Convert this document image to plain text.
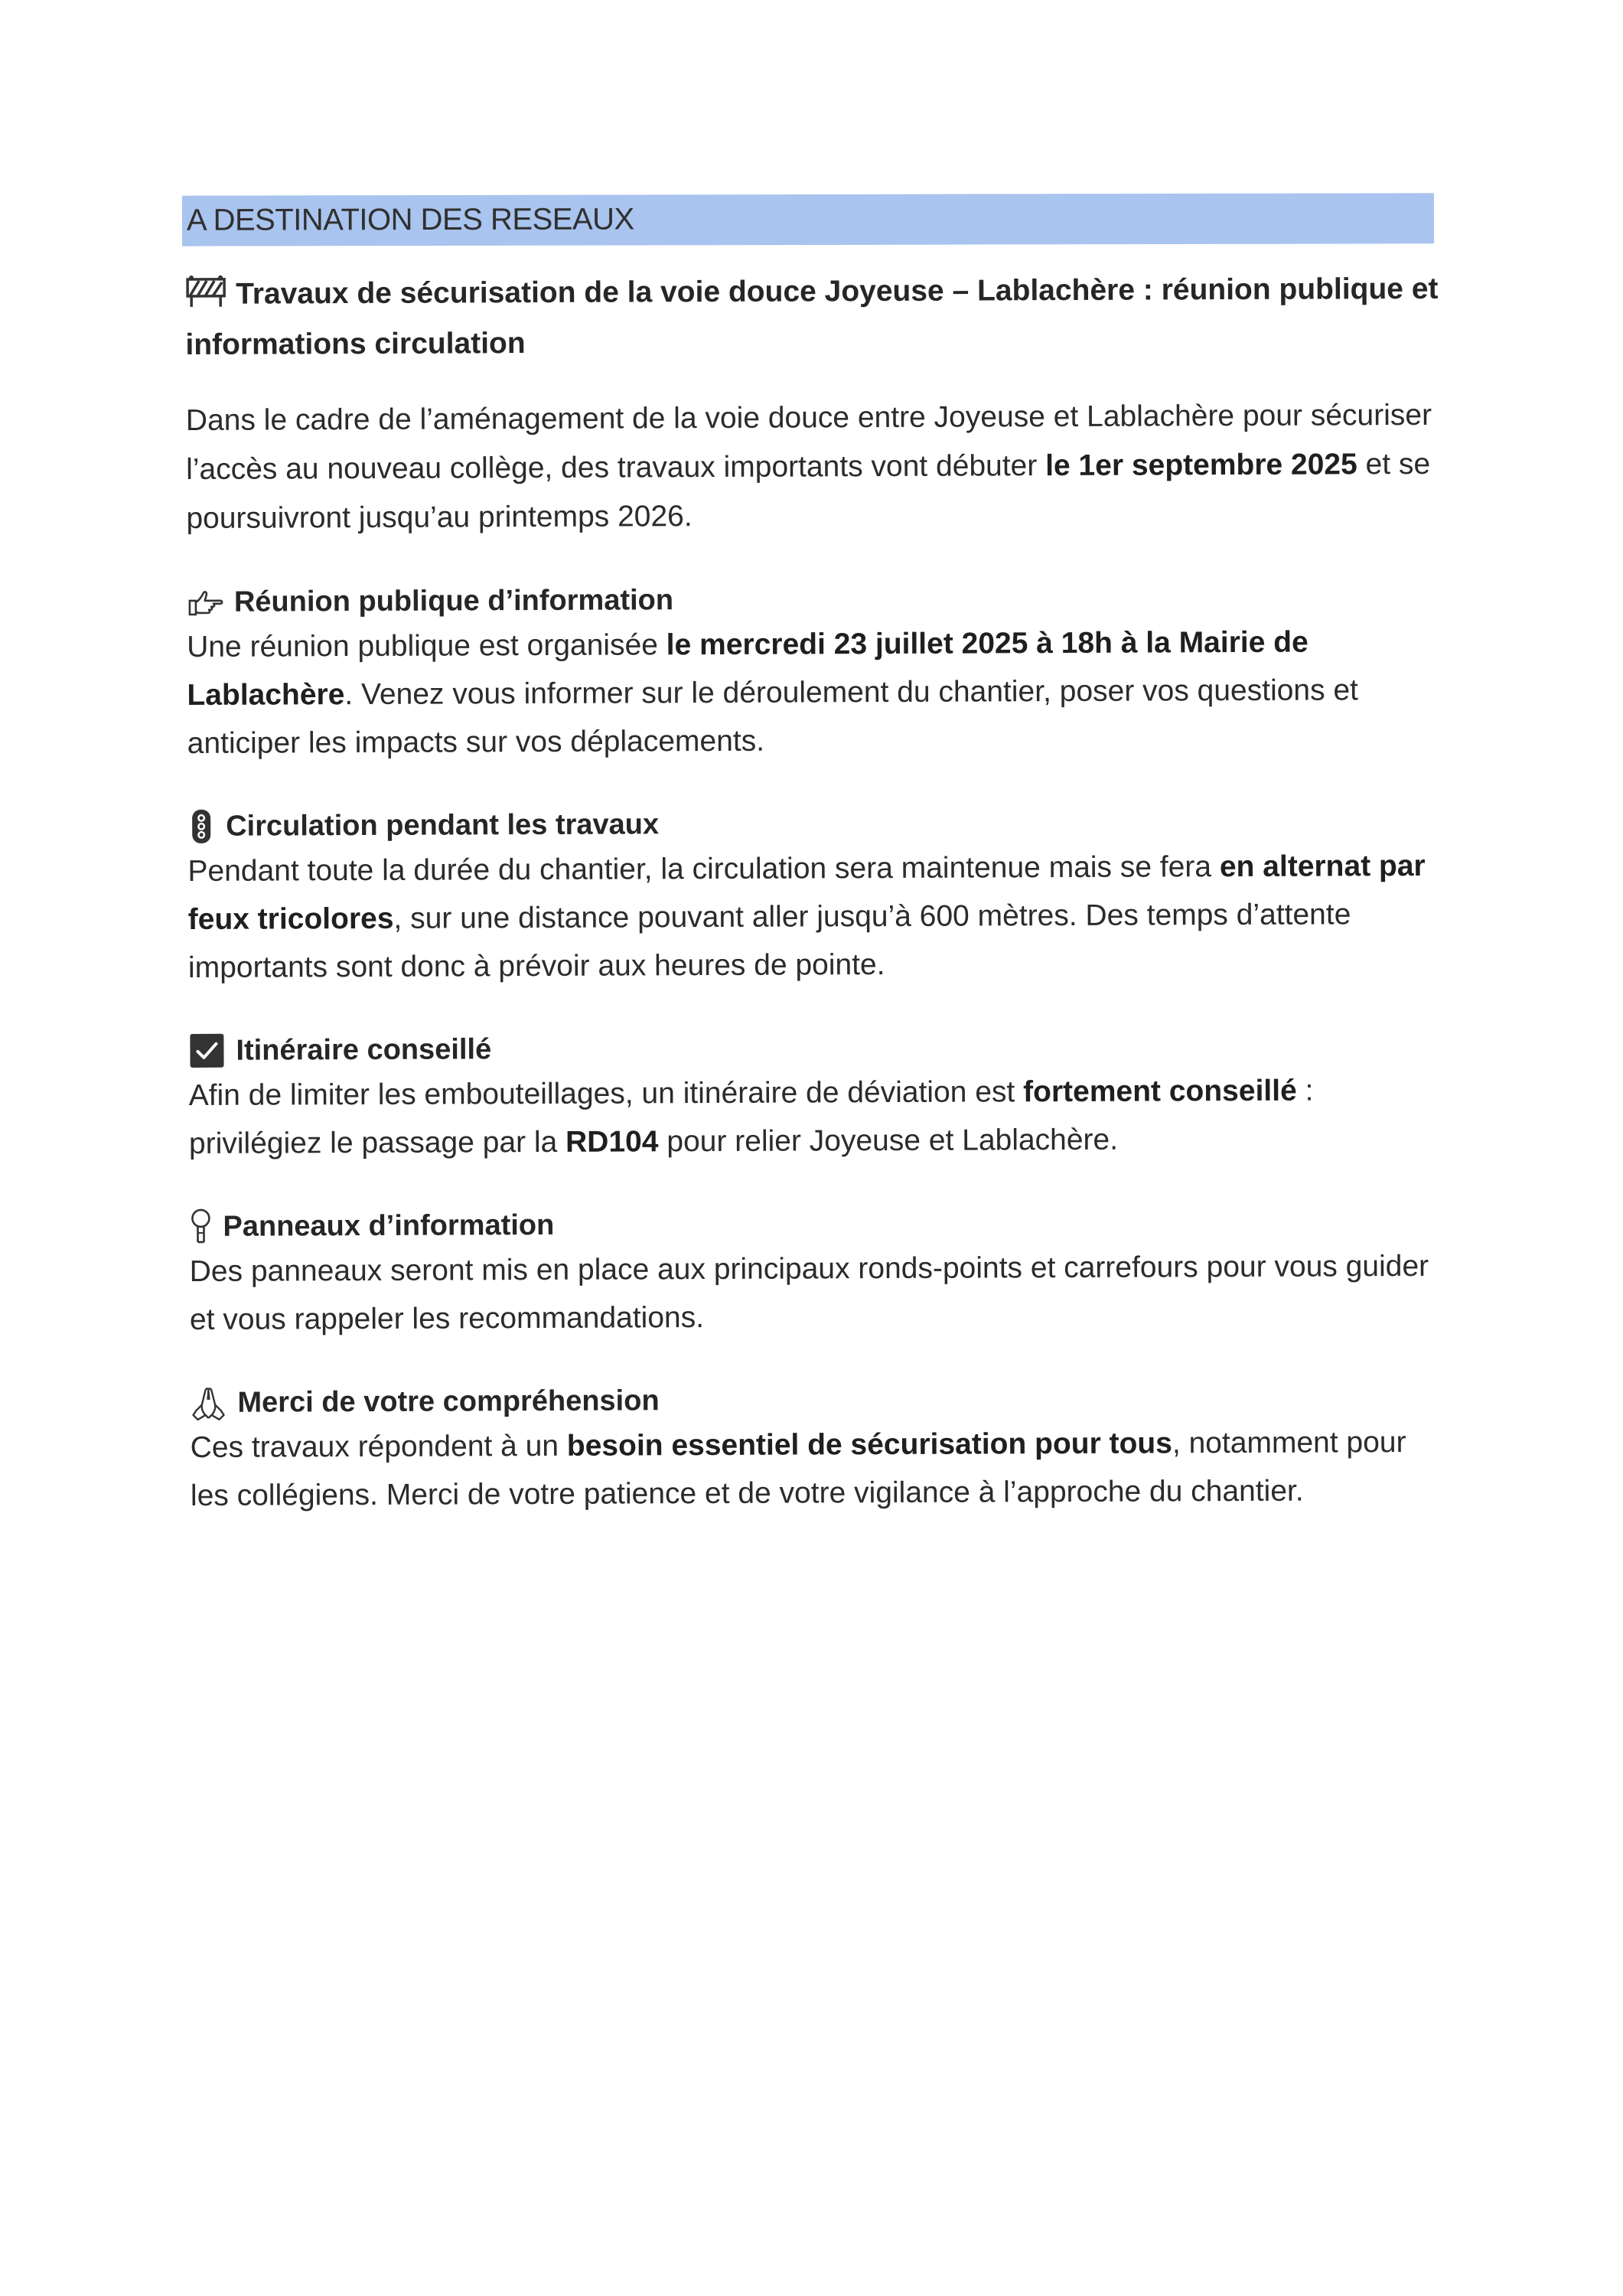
A DESTINATION DES RESEAUX
Travaux de sécurisation de la voie douce Joyeuse – Lablachère : réunion publique et informations circulation

Dans le cadre de l’aménagement de la voie douce entre Joyeuse et Lablachère pour sécuriser l’accès au nouveau collège, des travaux importants vont débuter le 1er septembre 2025 et se poursuivront jusqu’au printemps 2026.

Réunion publique d’information

Une réunion publique est organisée le mercredi 23 juillet 2025 à 18h à la Mairie de Lablachère. Venez vous informer sur le déroulement du chantier, poser vos questions et anticiper les impacts sur vos déplacements.

Circulation pendant les travaux

Pendant toute la durée du chantier, la circulation sera maintenue mais se fera en alternat par feux tricolores, sur une distance pouvant aller jusqu’à 600 mètres. Des temps d’attente importants sont donc à prévoir aux heures de pointe.

Itinéraire conseillé

Afin de limiter les embouteillages, un itinéraire de déviation est fortement conseillé : privilégiez le passage par la RD104 pour relier Joyeuse et Lablachère.

Panneaux d’information

Des panneaux seront mis en place aux principaux ronds-points et carrefours pour vous guider et vous rappeler les recommandations.

Merci de votre compréhension

Ces travaux répondent à un besoin essentiel de sécurisation pour tous, notamment pour les collégiens. Merci de votre patience et de votre vigilance à l’approche du chantier.
